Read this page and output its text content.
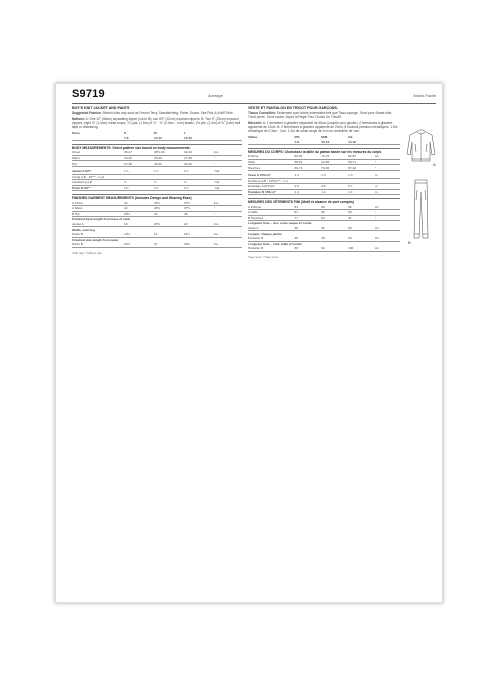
S9719	Average	Moins Facile
BOY'S KNIT JACKET AND PANTS
Suggested Fabrics: Stretch knits only such as French Terry, Sweatshirting, Ponte, Scuba. See Pick-A-Knit® Rule.
Notions: A: One 22" (56cm) separating zipper (cut to fit), two 8½" (22cm) exposed zippers. B: Two 9" (23cm) exposed zippers, eight ⅝" (1.5cm) metal snaps, 1⅞ yds. (1.5m) of ¼" - ⅜" (0.3cm - 1cm) elastic, 1⅝ yds. (1.4m) of ⅝" (1cm) twill tape or drawstring.
Sizes	S	M	L	
	7-8	10-12	14-16	
BODY MEASUREMENTS: Select pattern size based on body measurements.
Chest	26-27	28½-30	32-34	ins.
Waist	23-24	25-26	27-28	"
Hip	27-28	30-32	34-36	"
Jacket A 60"*	1⅞	1⅞	1⅞	Yds.
Lining A,B - 45"**, ⅞ yd.				
Interfacing A,B	⅝	⅝	⅝	Yds.
Pants B 60"*	1⅝	1⅝	1⅝	Yds.
FINISHED GARMENT MEASUREMENTS (Includes Design and Wearing Ease)
A Chest	32	34½	37½	ins.
A Waist	32	34½	37½	"
B Hip	29½	33	36	"
Finished back length from base of neck				
Jacket A	19	20½	22	ins.
Width, each leg				
Pants B	10½	11	11½	ins.
Finished side length from waist				
Pants B	34½	37	39½	ins.
*with nap. **without nap.
VESTE ET PANTALON EN TRICOT POUR GARÇONS.
Tissus Conseillés: Seulement pour tricots extensibles tels que Tissu-éponge, Tricot pour Sweat-shirt, Tricot ponte, Tricot scuba. Voyez la Règle Pour Choisir Un Tricot®.
Mercerie: A: 1 fermeture à glissière séparable de 56cm (coupée pour ajuster), 2 fermetures à glissière apparente de 22cm. B: 2 fermetures à glissière apparente de 23cm, 8 boutons-pression métalliques, 1.5m d'élastique de 0.3cm - 1cm, 1.4m de ruban sergé de 1cm ou cordelière de 1cm.
Tailles	P/S	M/M	G/L	
	7-8	10-12	14-16	
MESURES DU CORPS: Choisissez la taille du patron basée sur les mesures du corps
Poitrine	66-69	72-76	82-87	cm
Taille	58-61	64-66	69-71	"
Hanches	69-71	76-82	87-92	"
Veste A 150cm*	1.3	1.3	1.3	m
Doublure A,B - 115cm**, ⅞ m.				
Entoilage A,B 51cm	0.6	0.6	0.7	m
Pantalon B 150cm*	1.4	1.4	1.4	m
MESURES DES VÊTEMENTS FINI (Motif et aisance de port compris)
A Poitrine	81	88	95	cm
A Taille	81	88	95	"
B Hanches	77	84	91	"
Longueur finie – dos, entre nuque à l'ourlet				
Veste A	48	52	56	cm
Largeur, chaque jambe				
Pantalon B	25	28	30	cm
Longueur finie – côté, taille à l'ourlet				
Pantalon B	88	94	100	cm
*avec sens. **sans sens.
A
B
